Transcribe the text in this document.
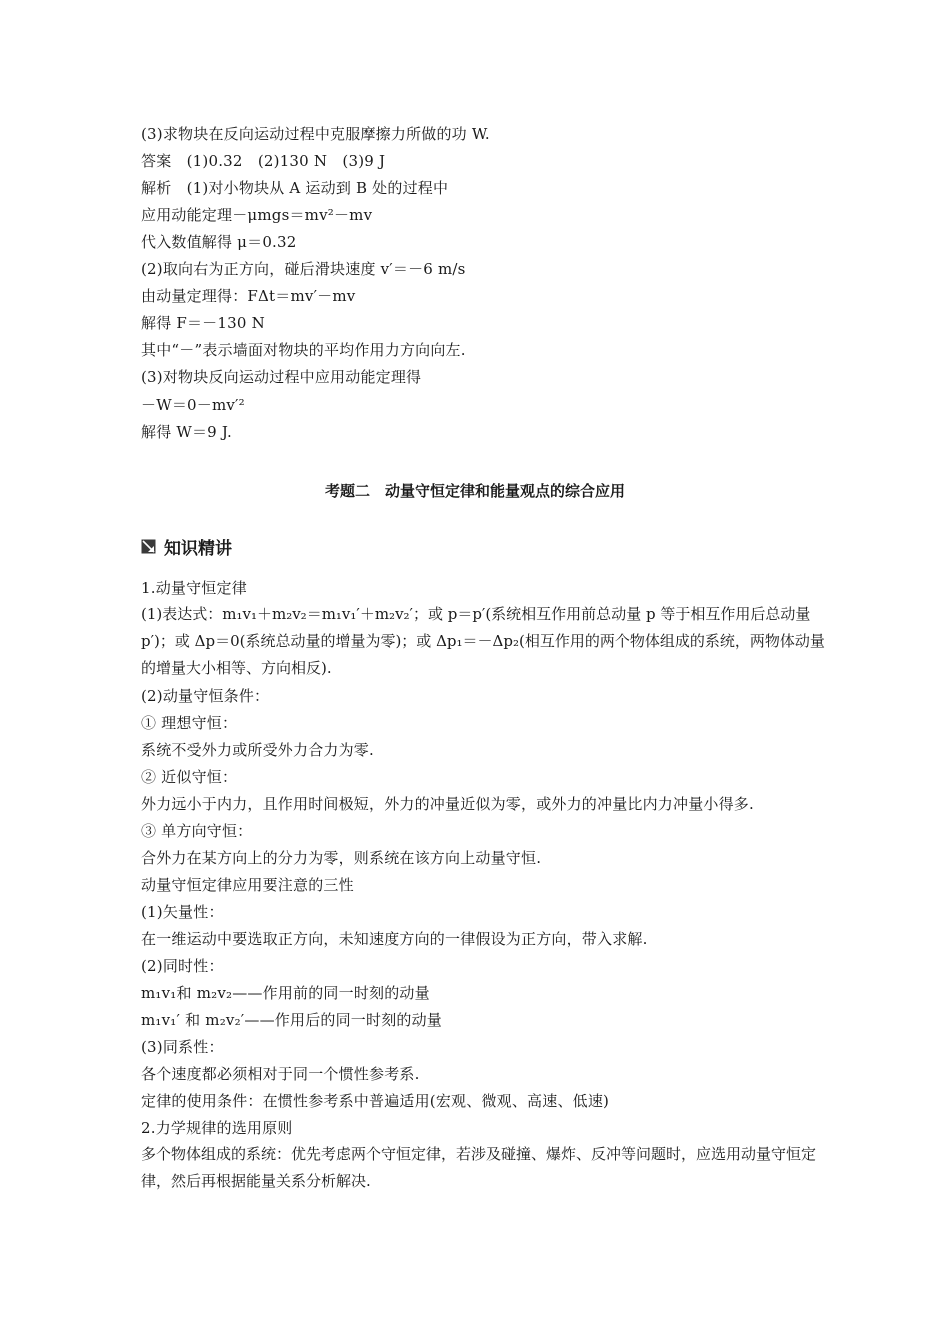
(3)求物块在反向运动过程中克服摩擦力所做的功 W.
答案　(1)0.32　(2)130 N　(3)9 J
解析　(1)对小物块从 A 运动到 B 处的过程中
应用动能定理－μmgs＝mv²－mv
代入数值解得 μ＝0.32
(2)取向右为正方向，碰后滑块速度 v′＝－6 m/s
由动量定理得：FΔt＝mv′－mv
解得 F＝－130 N
其中“－”表示墙面对物块的平均作用力方向向左.
(3)对物块反向运动过程中应用动能定理得
－W＝0－mv′²
解得 W＝9 J.
考题二　动量守恒定律和能量观点的综合应用
知识精讲
1.动量守恒定律
(1)表达式：m₁v₁＋m₂v₂＝m₁v₁′＋m₂v₂′；或 p＝p′(系统相互作用前总动量 p 等于相互作用后总动量 p′)；或 Δp＝0(系统总动量的增量为零)；或 Δp₁＝－Δp₂(相互作用的两个物体组成的系统，两物体动量的增量大小相等、方向相反).
(2)动量守恒条件：
① 理想守恒：
系统不受外力或所受外力合力为零.
② 近似守恒：
外力远小于内力，且作用时间极短，外力的冲量近似为零，或外力的冲量比内力冲量小得多.
③ 单方向守恒：
合外力在某方向上的分力为零，则系统在该方向上动量守恒.
动量守恒定律应用要注意的三性
(1)矢量性：
在一维运动中要选取正方向，未知速度方向的一律假设为正方向，带入求解.
(2)同时性：
m₁v₁和 m₂v₂——作用前的同一时刻的动量
m₁v₁′ 和 m₂v₂′——作用后的同一时刻的动量
(3)同系性：
各个速度都必须相对于同一个惯性参考系.
定律的使用条件：在惯性参考系中普遍适用(宏观、微观、高速、低速)
2.力学规律的选用原则
多个物体组成的系统：优先考虑两个守恒定律，若涉及碰撞、爆炸、反冲等问题时，应选用动量守恒定律，然后再根据能量关系分析解决.
